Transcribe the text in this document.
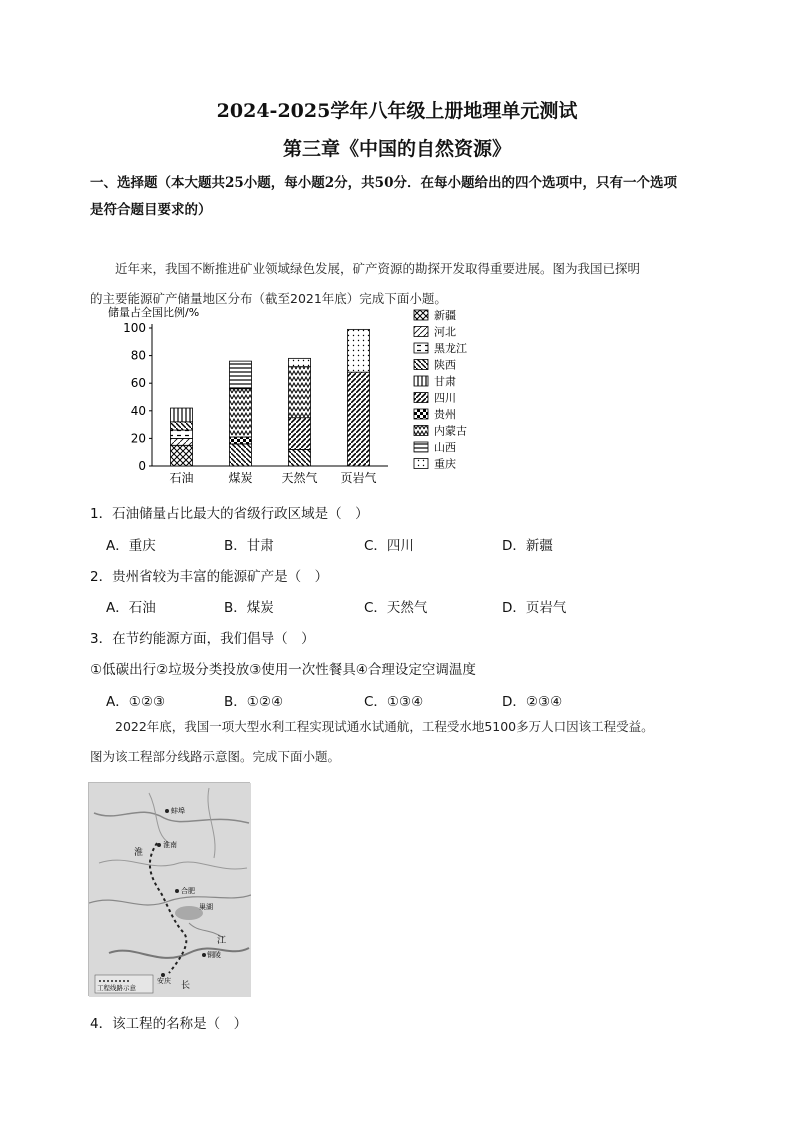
2024-2025学年八年级上册地理单元测试
第三章《中国的自然资源》
一、选择题（本大题共25小题，每小题2分，共50分．在每小题给出的四个选项中，只有一个选项
是符合题目要求的）

近年来，我国不断推进矿业领域绿色发展，矿产资源的勘探开发取得重要进展。图为我国已探明

的主要能源矿产储量地区分布（截至2021年底）完成下面小题。
储量占全国比例/%
0
20
40
60
80
100
石油	煤炭 天然气 页岩气
新疆
河北
黑龙江
陕西
甘肃
四川
贵州
内蒙古
山西
重庆
1．石油储量占比最大的省级行政区域是（　）
A．重庆	B．甘肃	C．四川	D．新疆
2．贵州省较为丰富的能源矿产是（　）
A．石油	B．煤炭	C．天然气	D．页岩气
3．在节约能源方面，我们倡导（　）
①低碳出行②垃圾分类投放③使用一次性餐具④合理设定空调温度
A．①②③	B．①②④	C．①③④	D．②③④

2022年底，我国一项大型水利工程实现试通水试通航，工程受水地5100多万人口因该工程受益。

图为该工程部分线路示意图。完成下面小题。
蚌埠
淮南
淮
合肥
巢湖
江
铜陵
安庆 长
工程线路示意
4．该工程的名称是（　）
